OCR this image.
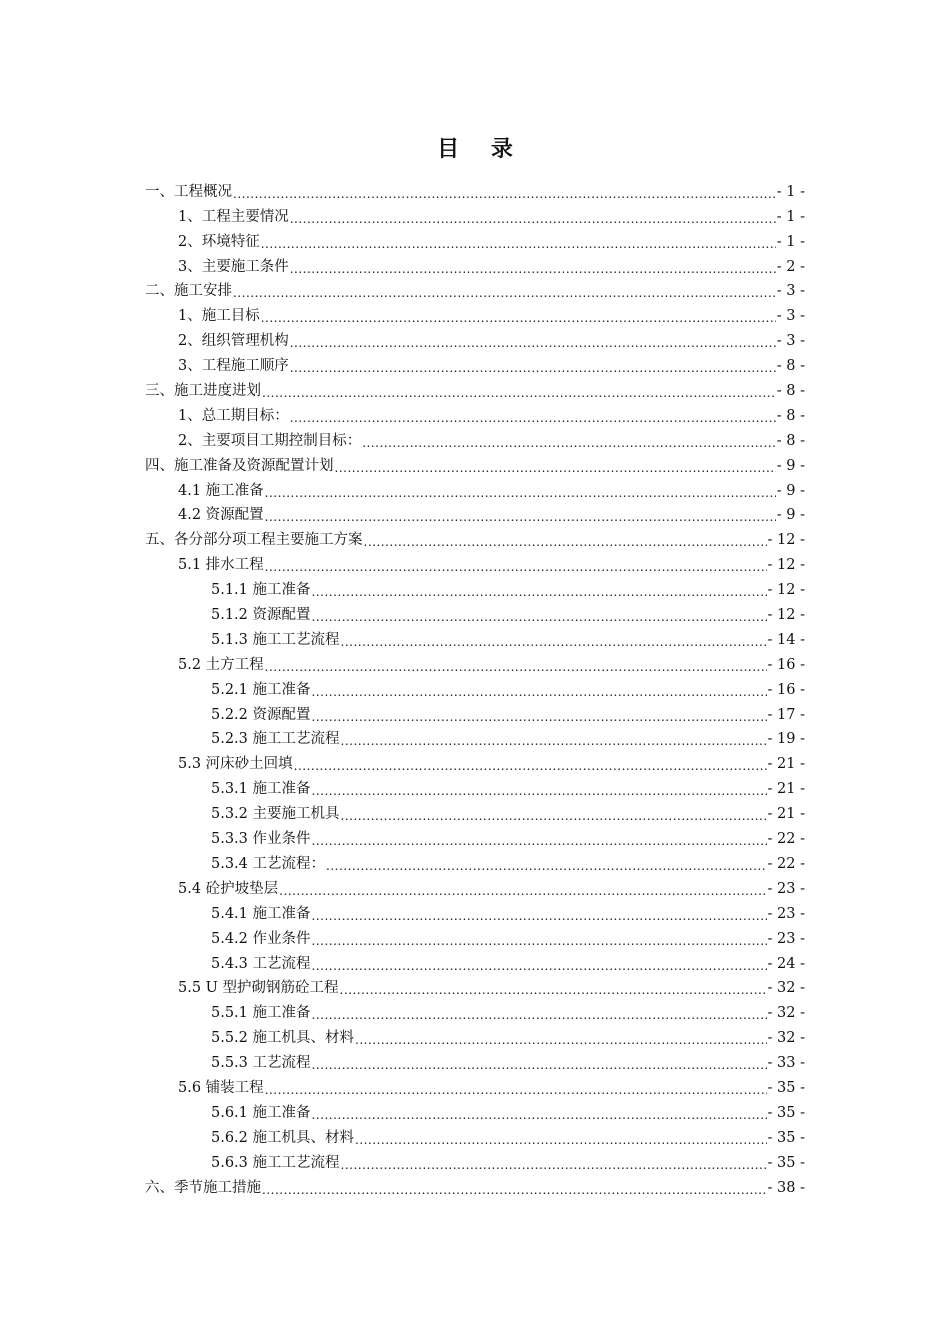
目 录
一、工程概况 .....	- 1 -
1、工程主要情况 .....	- 1 -
2、环境特征 .....	- 1 -
3、主要施工条件 .....	- 2 -
二、施工安排 .....	- 3 -
1、施工目标 .....	- 3 -
2、组织管理机构 .....	- 3 -
3、工程施工顺序 .....	- 8 -
三、施工进度进划 .....	- 8 -
1、总工期目标： .....	- 8 -
2、主要项目工期控制目标： .....	- 8 -
四、施工准备及资源配置计划 .....	- 9 -
4.1 施工准备 .....	- 9 -
4.2 资源配置 .....	- 9 -
五、各分部分项工程主要施工方案 .....	- 12 -
5.1 排水工程 .....	- 12 -
5.1.1 施工准备 .....	- 12 -
5.1.2 资源配置 .....	- 12 -
5.1.3 施工工艺流程 .....	- 14 -
5.2 土方工程 .....	- 16 -
5.2.1 施工准备 .....	- 16 -
5.2.2 资源配置 .....	- 17 -
5.2.3 施工工艺流程 .....	- 19 -
5.3 河床砂土回填 .....	- 21 -
5.3.1 施工准备 .....	- 21 -
5.3.2 主要施工机具 .....	- 21 -
5.3.3 作业条件 .....	- 22 -
5.3.4 工艺流程： .....	- 22 -
5.4 砼护坡垫层 .....	- 23 -
5.4.1 施工准备 .....	- 23 -
5.4.2 作业条件 .....	- 23 -
5.4.3 工艺流程 .....	- 24 -
5.5 U 型护砌钢筋砼工程 .....	- 32 -
5.5.1 施工准备 .....	- 32 -
5.5.2 施工机具、材料 .....	- 32 -
5.5.3 工艺流程 .....	- 33 -
5.6 铺装工程 .....	- 35 -
5.6.1 施工准备 .....	- 35 -
5.6.2 施工机具、材料 .....	- 35 -
5.6.3 施工工艺流程 .....	- 35 -
六、季节施工措施 .....	- 38 -
